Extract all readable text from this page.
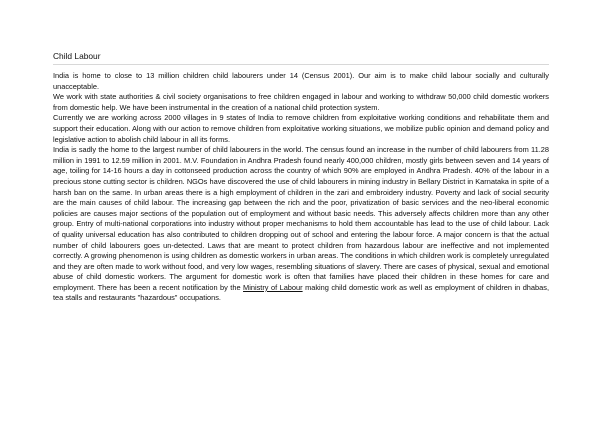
Child Labour

India is home to close to 13 million children child labourers under 14 (Census 2001). Our aim is to make child labour socially and culturally unacceptable.

We work with state authorities & civil society organisations to free children engaged in labour and working to withdraw 50,000 child domestic workers from domestic help. We have been instrumental in the creation of a national child protection system.

Currently we are working across 2000 villages in 9 states of India to remove children from exploitative working conditions and rehabilitate them and support their education. Along with our action to remove children from exploitative working situations, we mobilize public opinion and demand policy and legislative action to abolish child labour in all its forms.

India is sadly the home to the largest number of child labourers in the world. The census found an increase in the number of child labourers from 11.28 million in 1991 to 12.59 million in 2001. M.V. Foundation in Andhra Pradesh found nearly 400,000 children, mostly girls between seven and 14 years of age, toiling for 14-16 hours a day in cottonseed production across the country of which 90% are employed in Andhra Pradesh. 40% of the labour in a precious stone cutting sector is children. NGOs have discovered the use of child labourers in mining industry in Bellary District in Karnataka in spite of a harsh ban on the same. In urban areas there is a high employment of children in the zari and embroidery industry. Poverty and lack of social security are the main causes of child labour. The increasing gap between the rich and the poor, privatization of basic services and the neo-liberal economic policies are causes major sections of the population out of employment and without basic needs. This adversely affects children more than any other group. Entry of multi-national corporations into industry without proper mechanisms to hold them accountable has lead to the use of child labour. Lack of quality universal education has also contributed to children dropping out of school and entering the labour force. A major concern is that the actual number of child labourers goes un-detected. Laws that are meant to protect children from hazardous labour are ineffective and not implemented correctly. A growing phenomenon is using children as domestic workers in urban areas. The conditions in which children work is completely unregulated and they are often made to work without food, and very low wages, resembling situations of slavery. There are cases of physical, sexual and emotional abuse of child domestic workers. The argument for domestic work is often that families have placed their children in these homes for care and employment. There has been a recent notification by the Ministry of Labour making child domestic work as well as employment of children in dhabas, tea stalls and restaurants "hazardous" occupations.
